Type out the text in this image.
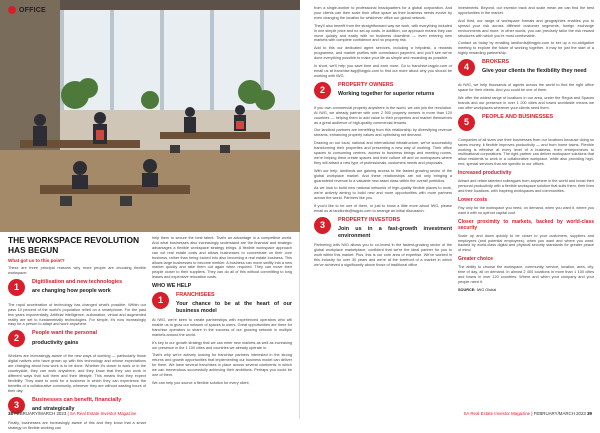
OFFICE
THE WORKSPACE REVOLUTION HAS BEGUN
What got us to this point?

These are three principal reasons why more people are choosing flexible workspace:

1	Digitilisation and new technologies

are changing how people work

The rapid acceleration of technology has changed what's possible. Within our pass 10 percent of the world's population relied on a smartphone. For the past few years exponentially, Artificial intelligence, automation, virtual and augmented reality are set to fundamentally technologies. For simple, it's now increasingly easy for a person to adapt and work anywhere.

2	People want the personal

productivity gains

Workers are increasingly aware of the new ways of working — particularly those digital natives who have grown up with this technology and whose expectations are changing about how work is to be done. Whether it's closer to work or in the countryside, they can work anywhere, and they know that they can work in different ways that suit them and their lifestyle. This means that they expect flexibility. They want to work for a business in which they can experience the benefits of a collaborative community, wherever they are without wasting hours of their day.

3	Businesses can benefit, financially

and strategically

Finally, businesses are increasingly aware of this and they know that a smart strategy on flexible working can

help them to secure the best talent. That's an advantage in a competitive world. And what businesses also increasingly understand are the financial and strategic advantages a flexible workspace strategy brings. A flexible workspace approach can cut real estate costs and allows businesses to concentrate on their core business, rather than being locked into also becoming a real estate business. This allows large businesses to become nimbler. A business can move swiftly into a new market quickly and take them out again when required. They can move their people closer to their suppliers. They can do all of this without committing to long leases and expensive relocation costs.

WHO WE HELP
1	FRANCHISEES

Your chance to be at the heart of our business model

At IWG, we're keen to create partnerships with experienced operators who will enable us to grow our network of spaces to users. Great opportunities are there for franchise operators to share in the success of our growing network in multiple markets around the world.

It's key to our growth strategy that we can enter new markets as well as increasing our presence in the 1 100 cities and countries we already operate in.

That's why we're actively looking for franchise partners interested in the strong returns and growth opportunities that implementing our business model can deliver for them. We have several franchises in place across several continents in which we can tremendous successfully achieving their ambitions. Perhaps you could be one of them.

We can help you source a flexible solution for every client,

38 FEBRUARY/MARCH 2023 | SA Real Estate Investor Magazine

from a single-worker to professional headquarters for a global corporation. And your clients can then scale their office space as their business needs evolve by even changing the location for whichever office our global network.

They'll also benefit from the straightforward way we work, with everything included in one simple price and no set-up costs. In addition, our approach means they can move quickly and easily with no business downtime — even entering new markets with complete confidence and no property risk.

Add to this our dedicated agent services, including a helpdesk, a rewards programme, and market profiles with commission payment, and you'll see we've done everything possible to make your life as simple and rewarding as possible.

In short, we'll help you save time and earn more. Go to franchise.iwgplc.com or email us at franchise.iwg@iwgplc.com to find out more about why you should be working with IWG.

2	PROPERTY OWNERS

Working together for superior returns

If you own commercial property anywhere in the world, we can join the revolution. At IWG, we already partner with over 2 500 property owners in more than 120 countries — helping them to add value to their properties and market themselves as a great audience of high-quality commercial tenants.

Our landlord partners are benefiting from this relationship by diversifying revenue streams, enhancing property values and optimising net demand.

Drawing on our local, national and international infrastructure, we've successfully transforming their properties and presenting a new way of working. Their office spaces to consuming centres, access to business beings and meeting rooms, we're helping them create spaces and their culture off and on workspaces where they will attract a new type of professionals, customers needs and proposals.

With our help, landlords are gaining access to the fastest growing sector of the global workplace market. And these relationships are not only bringing a guaranteed revenue to a valuable new asset class within the overall portfolios.

As we look to build new national networks of high-quality flexible places to work, we're actively aiming to build new and more opportunities with more partners across the world. Partners like you.

If you'd like to be one of them, or just to know a little more about IWG, please email us at landlords@iwgplc.com to arrange an initial discussion.

3	PROPERTY INVESTORS

Join us in a fast-growth investment environment

Partnering with IWG allows you to co-invest in the fastest-growing sector of the global workplace marketplace, confident that we're the ideal partner for you to work within this market. Plus, this is our core area of expertise. We've worked in this industry for over 30 years and we're at the forefront of a market in which we've achieved a significantly above those of traditional office

investments. Beyond, our investor track and scale mean we can find the best opportunities in the market.

And third, our range of workspace formats and geographies enables you to spread your risk across different customer segments, foreign exchange environments and more. In other words, you can precisely tailor the risk reward structures with which you're most comfortable.

Contact us today by emailing landlords@iwgplc.com to set up a no-obligation meeting to explore the future of working together. It may be just the start of a highly rewarding partnership.

4	BROKERS

Give your clients the flexibility they need

At IWG, we help thousands of agents across the world to find the right office space for their clients. And you could be one of them.

We offer the widest range of locations in our area, under the Regus and Spaces brands and our presence in over 1 200 cities and towns worldwide means we can offer workplaces wherever your clients need them.

5	PEOPLE AND BUSINESSES

Companies of all sizes use their businesses from our locations because doing so saves money, it flexible improves productivity — and from home towns. Flexible working is effective at every level of a business, from entrepreneurs to multinational corporations. The right partner can deliver workspace solutions that allow residents to work in a collaborative workplace, while also providing high-end, special services that are specific to our offices.

Increased productivity

Attract and retain talented colleagues from anywhere in the world and boost their personal productivity with a flexible workspace solution that suits them, their lives and their locations, with inspiring workspaces and communities.

Lower costs

Pay only for the workspace you need, on demand, when you want it, where you want it with no upfront capital cost.

Closer proximity to markets, backed by world-class security

Scale up and down quickly to be closer to your customers, suppliers and employees (and potential employees), when you want and where you want, backed by world-class digital and physical security standards for greater peace of mind.

Greater choice

The ability to choose the workspace, community, service, location, area, city, time of day, all on demand. In almost 2 400 locations in more than 1 100 cities and towns in over 120 countries. Where and when your company and your people need it.

SOURCE: IWG Global
SA Real Estate Investor Magazine | FEBRUARY/MARCH 2023 39
